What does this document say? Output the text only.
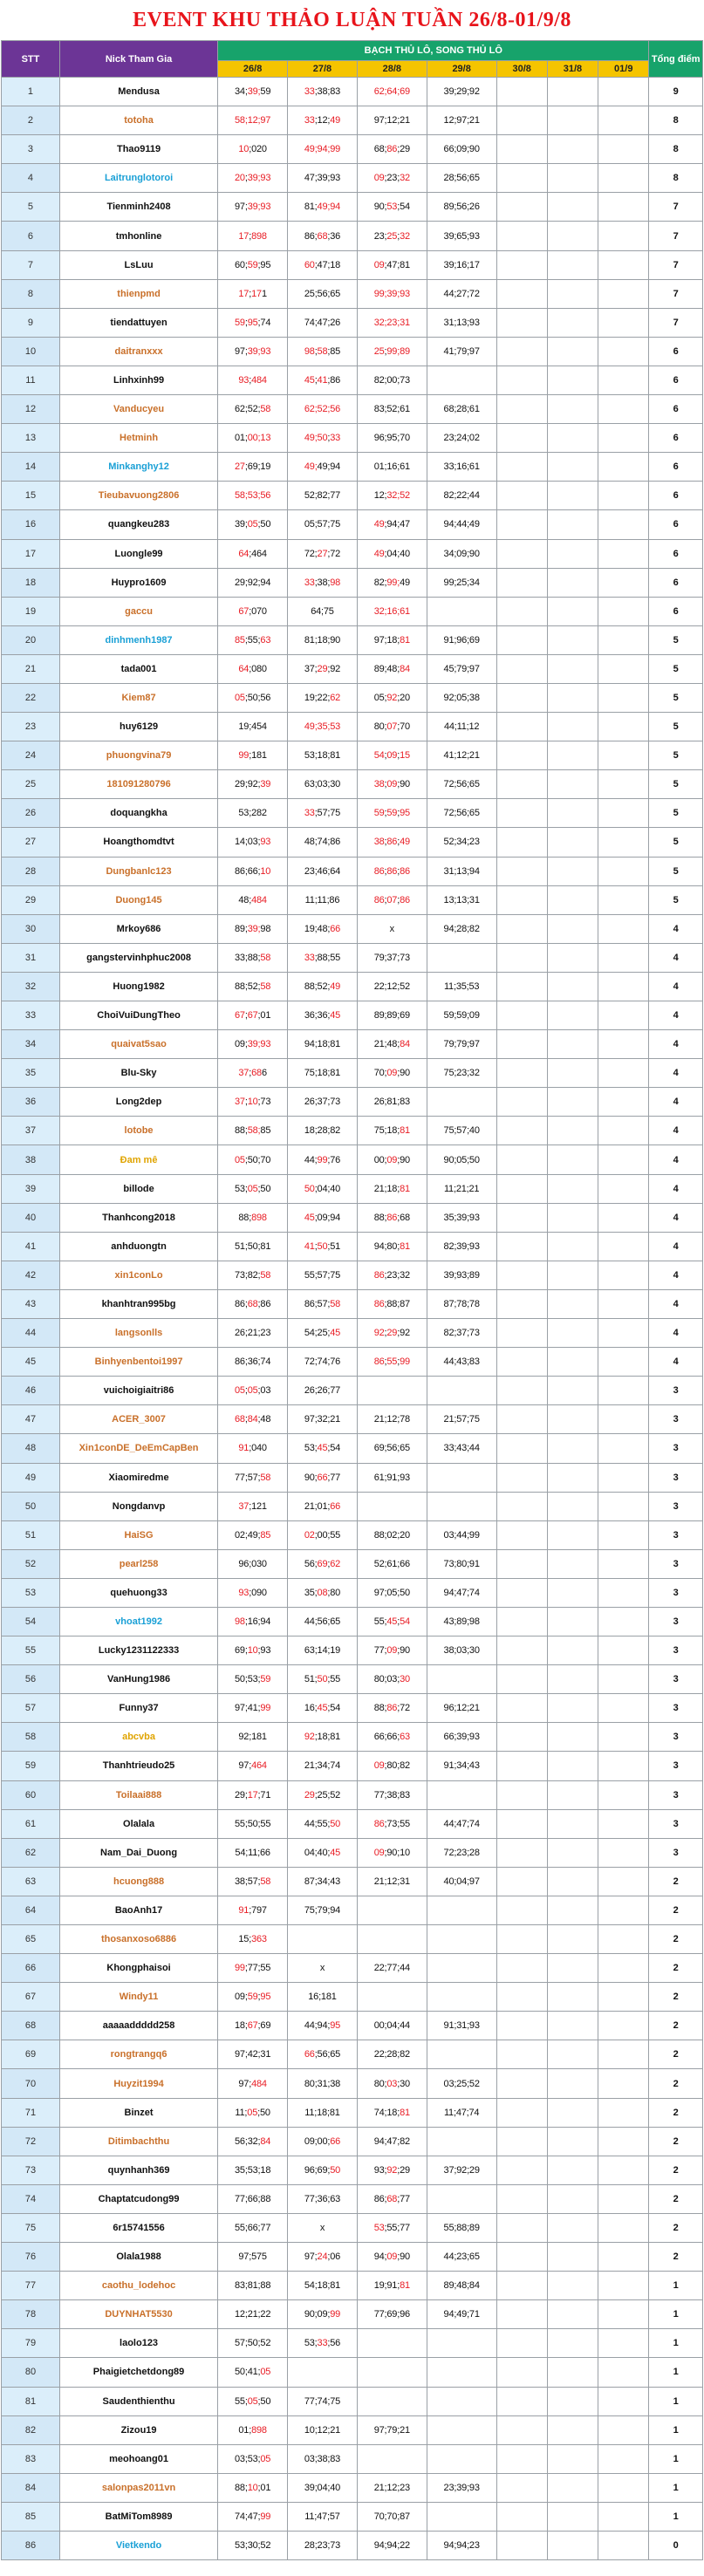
EVENT KHU THẢO LUẬN TUẦN 26/8-01/9/8
STT	Nick Tham Gia	BẠCH THỦ LÔ, SONG THỦ LÔ							Tổng điểm
		26/8	27/8	28/8	29/8	30/8	31/8	01/9	
1	Mendusa	34;39;59	33;38;83	62;64;69	39;29;92				9
2	totoha	58;12;97	33;12;49	97;12;21	12;97;21				8
3	Thao9119	10;020	49;94;99	68;86;29	66;09;90				8
4	Laitrunglotoroi	20;39;93	47;39;93	09;23;32	28;56;65				8
5	Tienminh2408	97;39;93	81;49;94	90;53;54	89;56;26				7
6	tmhonline	17;898	86;68;36	23;25;32	39;65;93				7
7	LsLuu	60;59;95	60;47;18	09;47;81	39;16;17				7
8	thienpmd	17;171	25;56;65	99;39;93	44;27;72				7
9	tiendattuyen	59;95;74	74;47;26	32;23;31	31;13;93				7
10	daitranxxx	97;39;93	98;58;85	25;99;89	41;79;97				6
11	Linhxinh99	93;484	45;41;86	82;00;73					6
12	Vanducyeu	62;52;58	62;52;56	83;52;61	68;28;61				6
13	Hetminh	01;00;13	49;50;33	96;95;70	23;24;02				6
14	Minkanghy12	27;69;19	49;49;94	01;16;61	33;16;61				6
15	Tieubavuong2806	58;53;56	52;82;77	12;32;52	82;22;44				6
16	quangkeu283	39;05;50	05;57;75	49;94;47	94;44;49				6
17	Luongle99	64;464	72;27;72	49;04;40	34;09;90				6
18	Huypro1609	29;92;94	33;38;98	82;99;49	99;25;34				6
19	gaccu	67;070	64;75	32;16;61					6
20	dinhmenh1987	85;55;63	81;18;90	97;18;81	91;96;69				5
21	tada001	64;080	37;29;92	89;48;84	45;79;97				5
22	Kiem87	05;50;56	19;22;62	05;92;20	92;05;38				5
23	huy6129	19;454	49;35;53	80;07;70	44;11;12				5
24	phuongvina79	99;181	53;18;81	54;09;15	41;12;21				5
25	181091280796	29;92;39	63;03;30	38;09;90	72;56;65				5
26	doquangkha	53;282	33;57;75	59;59;95	72;56;65				5
27	Hoangthomdtvt	14;03;93	48;74;86	38;86;49	52;34;23				5
28	Dungbanlc123	86;66;10	23;46;64	86;86;86	31;13;94				5
29	Duong145	48;484	11;11;86	86;07;86	13;13;31				5
30	Mrkoy686	89;39;98	19;48;66	x	94;28;82				4
31	gangstervinhphuc2008	33;88;58	33;88;55	79;37;73					4
32	Huong1982	88;52;58	88;52;49	22;12;52	11;35;53				4
33	ChoiVuiDungTheo	67;67;01	36;36;45	89;89;69	59;59;09				4
34	quaivat5sao	09;39;93	94;18;81	21;48;84	79;79;97				4
35	Blu-Sky	37;686	75;18;81	70;09;90	75;23;32				4
36	Long2dep	37;10;73	26;37;73	26;81;83					4
37	lotobe	88;58;85	18;28;82	75;18;81	75;57;40				4
38	Đam mê	05;50;70	44;99;76	00;09;90	90;05;50				4
39	billode	53;05;50	50;04;40	21;18;81	11;21;21				4
40	Thanhcong2018	88;898	45;09;94	88;86;68	35;39;93				4
41	anhduongtn	51;50;81	41;50;51	94;80;81	82;39;93				4
42	xin1conLo	73;82;58	55;57;75	86;23;32	39;93;89				4
43	khanhtran995bg	86;68;86	86;57;58	86;88;87	87;78;78				4
44	langsonlls	26;21;23	54;25;45	92;29;92	82;37;73				4
45	Binhyenbentoi1997	86;36;74	72;74;76	86;55;99	44;43;83				4
46	vuichoigiaitri86	05;05;03	26;26;77						3
47	ACER_3007	68;84;48	97;32;21	21;12;78	21;57;75				3
48	Xin1conDE_DeEmCapBen	91;040	53;45;54	69;56;65	33;43;44				3
49	Xiaomiredme	77;57;58	90;66;77	61;91;93					3
50	Nongdanvp	37;121	21;01;66						3
51	HaiSG	02;49;85	02;00;55	88;02;20	03;44;99				3
52	pearl258	96;030	56;69;62	52;61;66	73;80;91				3
53	quehuong33	93;090	35;08;80	97;05;50	94;47;74				3
54	vhoat1992	98;16;94	44;56;65	55;45;54	43;89;98				3
55	Lucky1231122333	69;10;93	63;14;19	77;09;90	38;03;30				3
56	VanHung1986	50;53;59	51;50;55	80;03;30					3
57	Funny37	97;41;99	16;45;54	88;86;72	96;12;21				3
58	abcvba	92;181	92;18;81	66;66;63	66;39;93				3
59	Thanhtrieudo25	97;464	21;34;74	09;80;82	91;34;43				3
60	Toilaai888	29;17;71	29;25;52	77;38;83					3
61	Olalala	55;50;55	44;55;50	86;73;55	44;47;74				3
62	Nam_Dai_Duong	54;11;66	04;40;45	09;90;10	72;23;28				3
63	hcuong888	38;57;58	87;34;43	21;12;31	40;04;97				2
64	BaoAnh17	91;797	75;79;94						2
65	thosanxoso6886	15;363							2
66	Khongphaisoi	99;77;55	x	22;77;44					2
67	Windy11	09;59;95	16;181						2
68	aaaaaddddd258	18;67;69	44;94;95	00;04;44	91;31;93				2
69	rongtrangq6	97;42;31	66;56;65	22;28;82					2
70	Huyzit1994	97;484	80;31;38	80;03;30	03;25;52				2
71	Binzet	11;05;50	11;18;81	74;18;81	11;47;74				2
72	Ditimbachthu	56;32;84	09;00;66	94;47;82					2
73	quynhanh369	35;53;18	96;69;50	93;92;29	37;92;29				2
74	Chaptatcudong99	77;66;88	77;36;63	86;68;77					2
75	6r15741556	55;66;77	x	53;55;77	55;88;89				2
76	Olala1988	97;575	97;24;06	94;09;90	44;23;65				2
77	caothu_lodehoc	83;81;88	54;18;81	19;91;81	89;48;84				1
78	DUYNHAT5530	12;21;22	90;09;99	77;69;96	94;49;71				1
79	laolo123	57;50;52	53;33;56						1
80	Phaigietchetdong89	50;41;05							1
81	Saudenthienthu	55;05;50	77;74;75						1
82	Zizou19	01;898	10;12;21	97;79;21					1
83	meohoang01	03;53;05	03;38;83						1
84	salonpas2011vn	88;10;01	39;04;40	21;12;23	23;39;93				1
85	BatMiTom8989	74;47;99	11;47;57	70;70;87					1
86	Vietkendo	53;30;52	28;23;73	94;94;22	94;94;23				0
